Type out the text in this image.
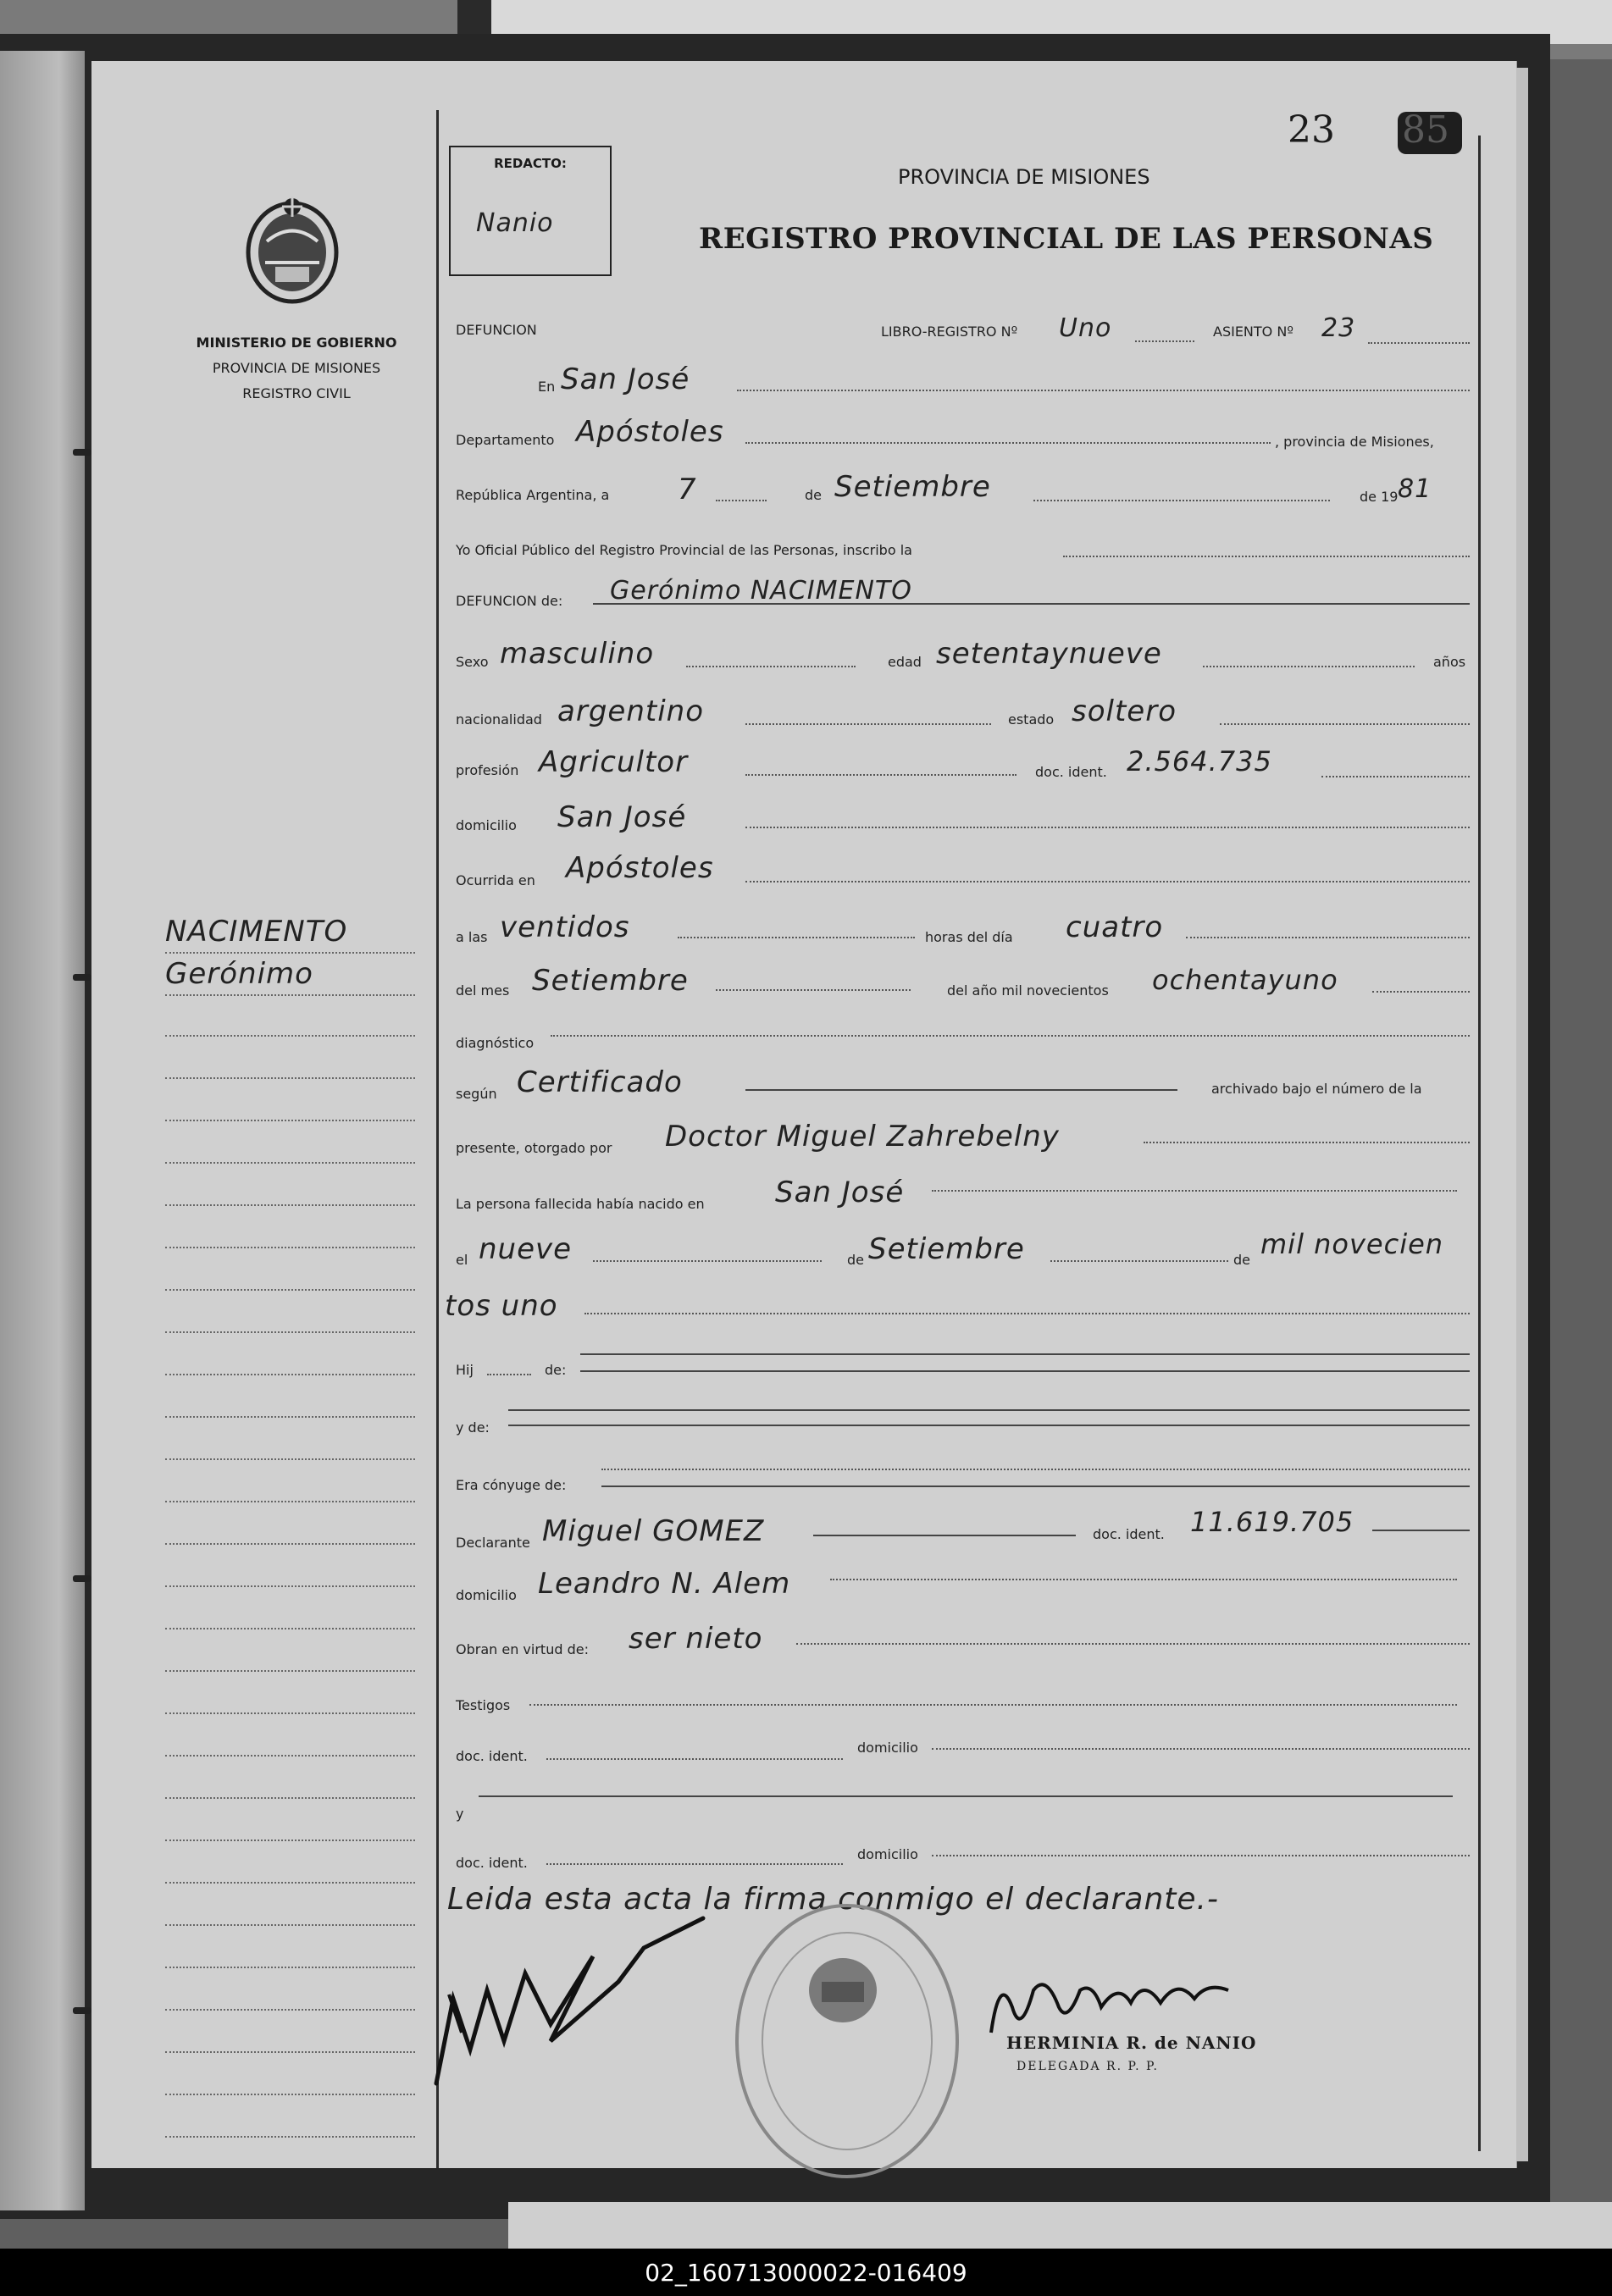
MINISTERIO DE GOBIERNO
PROVINCIA DE MISIONES
REGISTRO CIVIL
NACIMENTO
Gerónimo
REDACTO:
Nanio
PROVINCIA DE MISIONES
REGISTRO PROVINCIAL DE LAS PERSONAS
23 85
DEFUNCION	LIBRO-REGISTRO Nº Uno	ASIENTO Nº 23
En San José
Departamento Apóstoles	, provincia de Misiones,
República Argentina, a 7	de Setiembre	de 19 81
Yo Oficial Público del Registro Provincial de las Personas, inscribo la
DEFUNCION de: Gerónimo NACIMENTO
Sexo masculino	edad setentaynueve	años
nacionalidad argentino	estado soltero
profesión Agricultor	doc. ident. 2.564.735
domicilio San José
Ocurrida en Apóstoles
a las ventidos	horas del día cuatro
del mes Setiembre	del año mil novecientos ochentayuno
diagnóstico
según Certificado	archivado bajo el número de la
presente, otorgado por Doctor Miguel Zahrebelny
La persona fallecida había nacido en San José
el nueve	de Setiembre	de mil novecien
tos uno
Hij	de:
y de:
Era cónyuge de:
Declarante Miguel GOMEZ	doc. ident. 11.619.705
domicilio Leandro N. Alem
Obran en virtud de: ser nieto
Testigos
doc. ident.
domicilio
y
doc. ident.
domicilio
Leida esta acta la firma conmigo el declarante.-
HERMINIA R. de NANIO
DELEGADA R. P. P.
02_160713000022-016409
